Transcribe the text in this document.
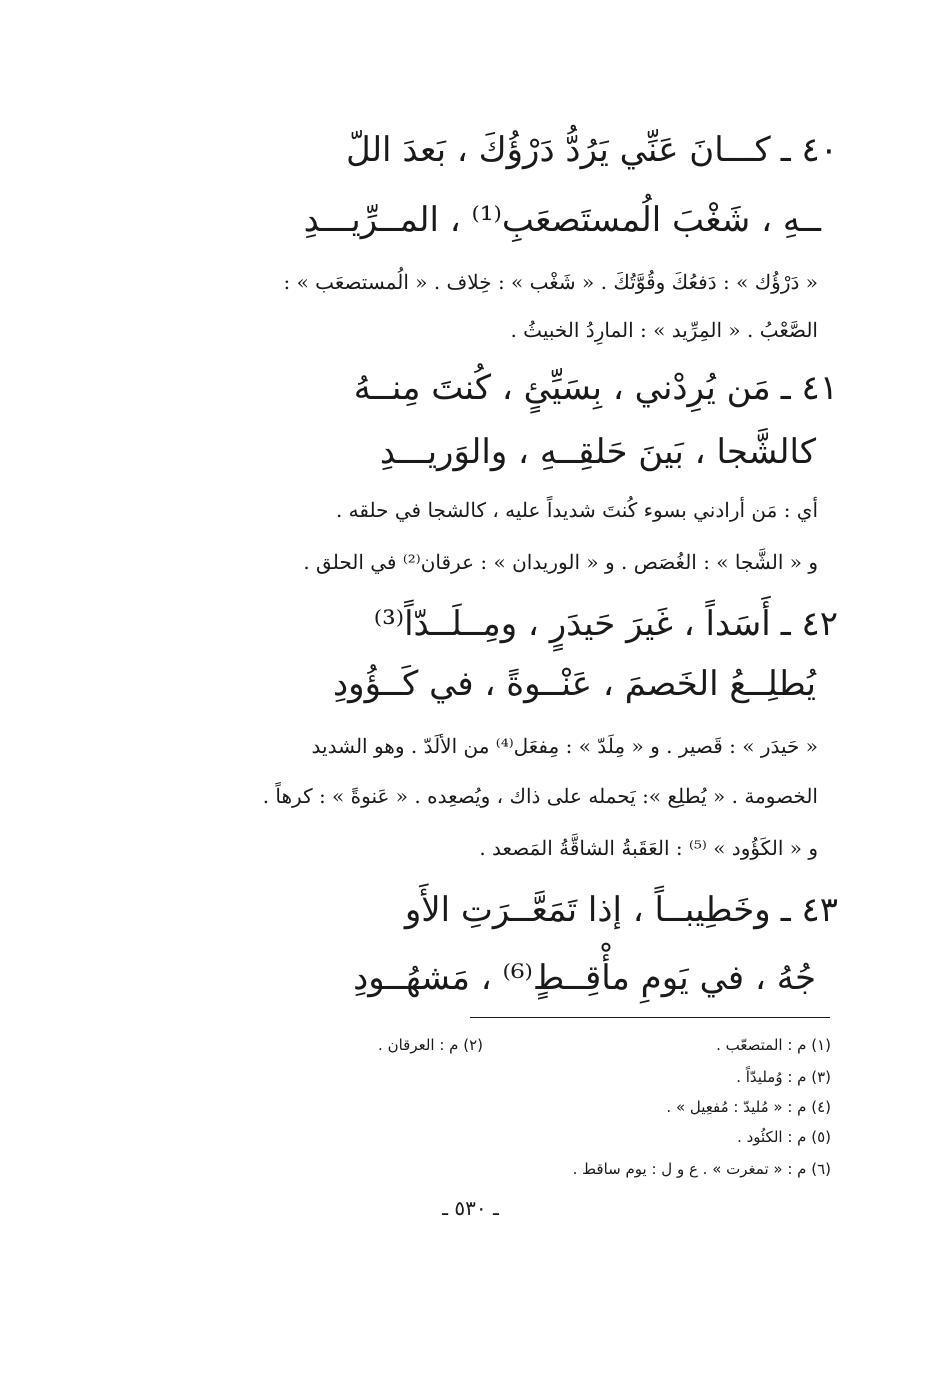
٤٠ ـكـــانَ عَنِّي يَرُدُّ دَرْؤُكَ ، بَعدَ اللّ

ــهِ ، شَغْبَ الُمستَصعَبِ⁽¹⁾ ، المــرِّيـــدِ

« دَرْؤُك » : دَفعُكَ وقُوَّتُكَ . « شَغْب » : خِلاف . « الُمستصعَب » :

الصَّعْبُ . « المِرِّيد » : المارِدُ الخبيثُ .

٤١ ـمَن يُرِدْني ، بِسَيِّئٍ ، كُنتَ مِنــهُ

كالشَّجا ، بَينَ حَلقِــهِ ، والوَريـــدِ

أي : مَن أرادني بسوء كُنتَ شديداً عليه ، كالشجا في حلقه .

و « الشَّجا » : الغُصَص . و « الوريدان » : عرقان⁽²⁾ في الحلق .

٤٢ ـأَسَداً ، غَيرَ حَيدَرٍ ، ومِــلَــدّاً⁽³⁾

يُطلِــعُ الخَصمَ ، عَنْــوةً ، في كَــؤُودِ

« حَيدَر » : قَصير . و « مِلَدّ » : مِفعَل⁽⁴⁾ من الألَدّ . وهو الشديد

الخصومة . « يُطلِع »: يَحمله على ذاك ، ويُصعِده . « عَنوةً » : كرهاً .

و « الكَؤُود » ⁽⁵⁾ : العَقَبةُ الشاقَّةُ المَصعد .

٤٣ ـوخَطِيبــاً ، إذا تَمَعَّــرَتِ الأَو

جُهُ ، في يَومِ مأْقِــطٍ⁽⁶⁾ ، مَشهُــودِ

(١) م : المتصعّب .
(٢) م : العرقان .
(٣) م : وُمليدّاً .
(٤) م : « مُليدّ : مُفعِيل » .
(٥) م : الكئُود .
(٦) م : « تمغرت » . ع و ل : يوم ساقط .
ـ ٥٣٠ ـ
